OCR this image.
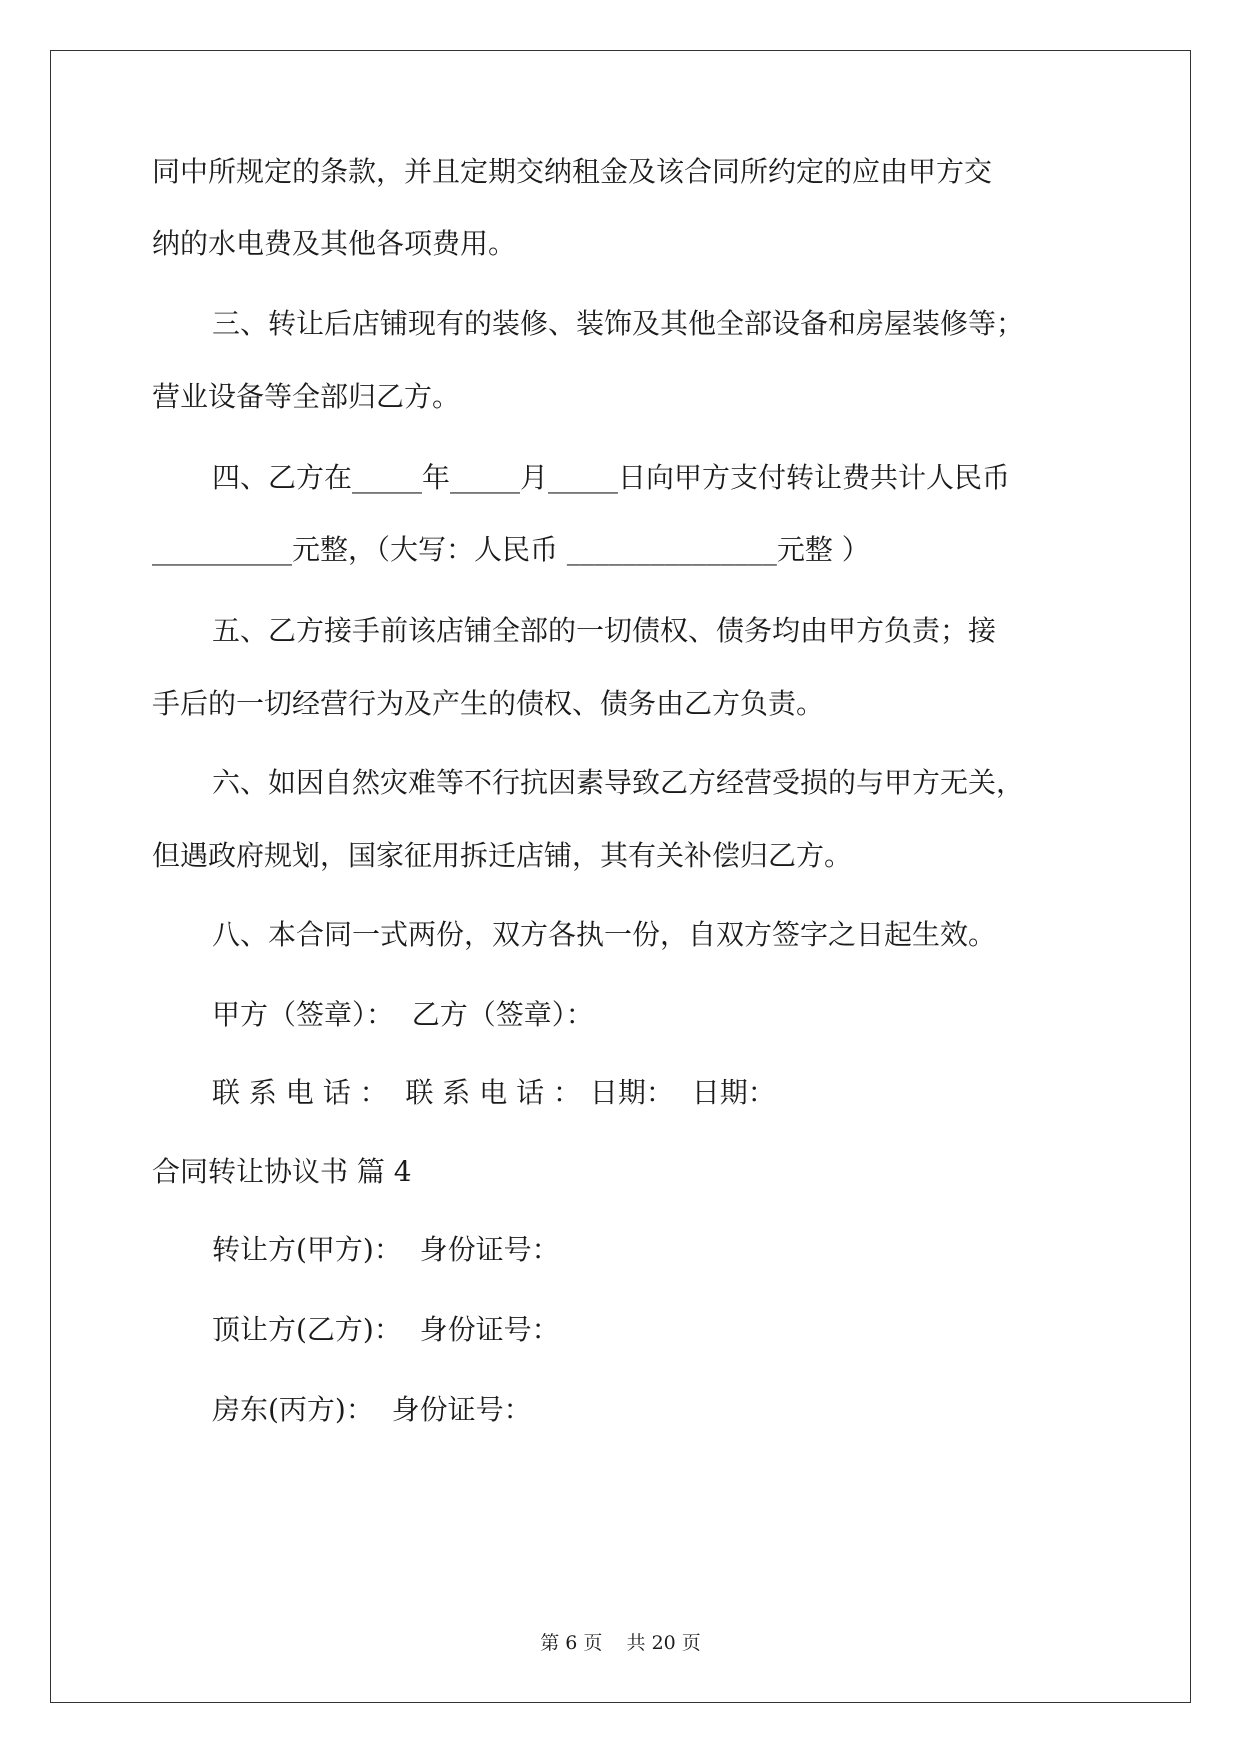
同中所规定的条款，并且定期交纳租金及该合同所约定的应由甲方交
纳的水电费及其他各项费用。
三、转让后店铺现有的装修、装饰及其他全部设备和房屋装修等；
营业设备等全部归乙方。
四、乙方在_____年_____月_____日向甲方支付转让费共计人民币
__________元整，（大写：人民币 _______________元整 ）
五、乙方接手前该店铺全部的一切债权、债务均由甲方负责；接
手后的一切经营行为及产生的债权、债务由乙方负责。
六、如因自然灾难等不行抗因素导致乙方经营受损的与甲方无关，
但遇政府规划，国家征用拆迁店铺，其有关补偿归乙方。
八、本合同一式两份，双方各执一份，自双方签字之日起生效。
甲方（签章）：  乙方（签章）：
联 系 电 话 ：  联 系 电 话 ： 日期：  日期：
合同转让协议书 篇 4
转让方(甲方)：  身份证号：
顶让方(乙方)：  身份证号：
房东(丙方)：  身份证号：
第 6 页    共 20 页
